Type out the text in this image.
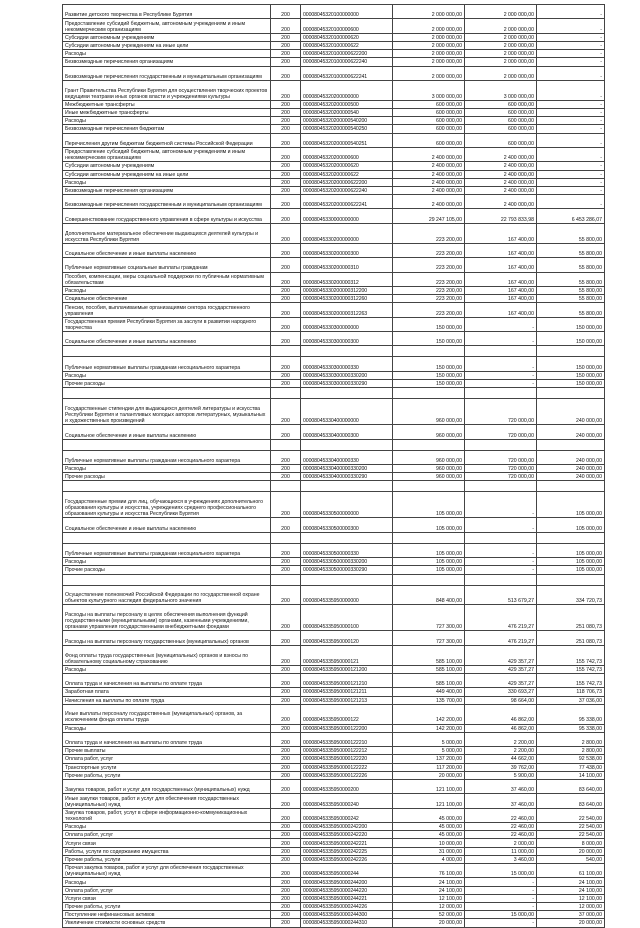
Развитие детского творчества в Республике Бурятия	200	00008045320100000000	2 000 000,00	2 000 000,00	-
Предоставление субсидий бюджетным, автономным учреждениям и иным некоммерческим организациям	200	00008045320100000600	2 000 000,00	2 000 000,00	-
Субсидии автономным учреждениям	200	00008045320100000620	2 000 000,00	2 000 000,00	-
Субсидии автономным учреждениям на иные цели	200	00008045320100000622	2 000 000,00	2 000 000,00	-
Расходы	200	00008045320100000622200	2 000 000,00	2 000 000,00	-
Безвозмездные перечисления организациям	200	00008045320100000622240	2 000 000,00	2 000 000,00	-
Безвозмездные перечисления государственным и муниципальным организациям	200	00008045320100000622241	2 000 000,00	2 000 000,00	-
Грант Правительства Республики Бурятия для осуществления творческих проектов ведущими театрами иных органов власти и учреждениями культуры	200	00008045320200000000	3 000 000,00	3 000 000,00	-
Межбюджетные трансферты	200	00008045320200000500	600 000,00	600 000,00	-
Иные межбюджетные трансферты	200	00008045320200000540	600 000,00	600 000,00	-
Расходы	200	00008045320200000540200	600 000,00	600 000,00	-
Безвозмездные перечисления бюджетам	200	00008045320200000540250	600 000,00	600 000,00	-
Перечисления другим бюджетам бюджетной системы Российской Федерации	200	00008045320200000540251	600 000,00	600 000,00	-
Предоставление субсидий бюджетным, автономным учреждениям и иным некоммерческим организациям	200	00008045320200000600	2 400 000,00	2 400 000,00	-
Субсидии автономным учреждениям	200	00008045320200000620	2 400 000,00	2 400 000,00	-
Субсидии автономным учреждениям на иные цели	200	00008045320200000622	2 400 000,00	2 400 000,00	-
Расходы	200	00008045320200000622200	2 400 000,00	2 400 000,00	-
Безвозмездные перечисления организациям	200	00008045320200000622240	2 400 000,00	2 400 000,00	-
Безвозмездные перечисления государственным и муниципальным организациям	200	00008045320200000622241	2 400 000,00	2 400 000,00	-
Совершенствование государственного управления в сфере культуры и искусства	200	00008045330000000000	29 247 105,00	22 793 833,98	6 453 286,07
Дополнительное материальное обеспечение выдающихся деятелей культуры и искусства Республики Бурятия	200	00008045330200000000	223 200,00	167 400,00	55 800,00
Социальное обеспечение и иные выплаты населению	200	00008045330200000300	223 200,00	167 400,00	55 800,00
Публичные нормативные социальные выплаты гражданам	200	00008045330200000310	223 200,00	167 400,00	55 800,00
Пособия, компенсации, меры социальной поддержки по публичным нормативным обязательствам	200	00008045330200000312	223 200,00	167 400,00	55 800,00
Расходы	200	00008045330200000312200	223 200,00	167 400,00	55 800,00
Социальное обеспечение	200	00008045330200000312260	223 200,00	167 400,00	55 800,00
Пенсии, пособия, выплачиваемые организациями сектора государственного управления	200	00008045330200000312263	223 200,00	167 400,00	55 800,00
Государственная премия Республики Бурятия за заслуги в развитии народного творчества	200	00008045330300000000	150 000,00	-	150 000,00
Социальное обеспечение и иные выплаты населению	200	00008045330300000300	150 000,00	-	150 000,00

Публичные нормативные выплаты гражданам несоциального характера	200	00008045330300000330	150 000,00	-	150 000,00
Расходы	200	00008045330300000330200	150 000,00	-	150 000,00
Прочие расходы	200	00008045330300000330290	150 000,00	-	150 000,00

Государственные стипендии для выдающихся деятелей литературы и искусства Республики Бурятия и талантливых молодых авторов литературных, музыкальных и художественных произведений	200	00008045330400000000	960 000,00	720 000,00	240 000,00
Социальное обеспечение и иные выплаты населению	200	00008045330400000300	960 000,00	720 000,00	240 000,00

Публичные нормативные выплаты гражданам несоциального характера	200	00008045330400000330	960 000,00	720 000,00	240 000,00
Расходы	200	00008045330400000330200	960 000,00	720 000,00	240 000,00
Прочие расходы	200	00008045330400000330290	960 000,00	720 000,00	240 000,00

Государственные премии для лиц, обучающихся в учреждениях дополнительного образования культуры и искусства, учреждениях среднего профессионального образования культуры и искусства Республики Бурятия	200	00008045330500000000	105 000,00	-	105 000,00
Социальное обеспечение и иные выплаты населению	200	00008045330500000300	105 000,00	-	105 000,00

Публичные нормативные выплаты гражданам несоциального характера	200	00008045330500000330	105 000,00	-	105 000,00
Расходы	200	00008045330500000330200	105 000,00	-	105 000,00
Прочие расходы	200	00008045330500000330290	105 000,00	-	105 000,00

Осуществление полномочий Российской Федерации по государственной охране объектов культурного наследия федерального значения	200	00008045335950000000	848 400,00	513 679,27	334 720,73
Расходы на выплаты персоналу в целях обеспечения выполнения функций государственными (муниципальными) органами, казенными учреждениями, органами управления государственными внебюджетными фондами	200	00008045335950000100	727 300,00	476 219,27	251 080,73
Расходы на выплаты персоналу государственных (муниципальных) органов	200	00008045335950000120	727 300,00	476 219,27	251 080,73
Фонд оплаты труда государственных (муниципальных) органов и взносы по обязательному социальному страхованию	200	00008045335950000121	585 100,00	429 357,27	155 742,73
Расходы	200	00008045335950000121200	585 100,00	429 357,27	155 742,73
Оплата труда и начисления на выплаты по оплате труда	200	00008045335950000121210	585 100,00	429 357,27	155 742,73
Заработная плата	200	00008045335950000121211	449 400,00	330 693,27	118 706,73
Начисления на выплаты по оплате труда	200	00008045335950000121213	135 700,00	98 664,00	37 036,00
Иные выплаты персоналу государственных (муниципальных) органов, за исключением фонда оплаты труда	200	00008045335950000122	142 200,00	46 862,00	95 338,00
Расходы	200	00008045335950000122200	142 200,00	46 862,00	95 338,00
Оплата труда и начисления на выплаты по оплате труда	200	00008045335950000122210	5 000,00	2 200,00	2 800,00
Прочие выплаты	200	00008045335950000122212	5 000,00	2 200,00	2 800,00
Оплата работ, услуг	200	00008045335950000122220	137 200,00	44 662,00	92 538,00
Транспортные услуги	200	00008045335950000122222	117 200,00	39 762,00	77 438,00
Прочие работы, услуги	200	00008045335950000122226	20 000,00	5 900,00	14 100,00
Закупка товаров, работ и услуг для государственных (муниципальных) нужд	200	00008045335950000200	121 100,00	37 460,00	83 640,00
Иные закупки товаров, работ и услуг для обеспечения государственных (муниципальных) нужд	200	00008045335950000240	121 100,00	37 460,00	83 640,00
Закупка товаров, работ, услуг в сфере информационно-коммуникационных технологий	200	00008045335950000242	45 000,00	22 460,00	22 540,00
Расходы	200	00008045335950000242200	45 000,00	22 460,00	22 540,00
Оплата работ, услуг	200	00008045335950000242220	45 000,00	22 460,00	22 540,00
Услуги связи	200	00008045335950000242221	10 000,00	2 000,00	8 000,00
Работы, услуги по содержанию имущества	200	00008045335950000242225	31 000,00	11 000,00	20 000,00
Прочие работы, услуги	200	00008045335950000242226	4 000,00	3 460,00	540,00
Прочая закупка товаров, работ и услуг для обеспечения государственных (муниципальных) нужд	200	00008045335950000244	76 100,00	15 000,00	61 100,00
Расходы	200	00008045335950000244200	24 100,00	-	24 100,00
Оплата работ, услуг	200	00008045335950000244220	24 100,00	-	24 100,00
Услуги связи	200	00008045335950000244221	12 100,00	-	12 100,00
Прочие работы, услуги	200	00008045335950000244226	12 000,00	-	12 000,00
Поступление нефинансовых активов	200	00008045335950000244300	52 000,00	15 000,00	37 000,00
Увеличение стоимости основных средств	200	00008045335950000244310	20 000,00	-	20 000,00
